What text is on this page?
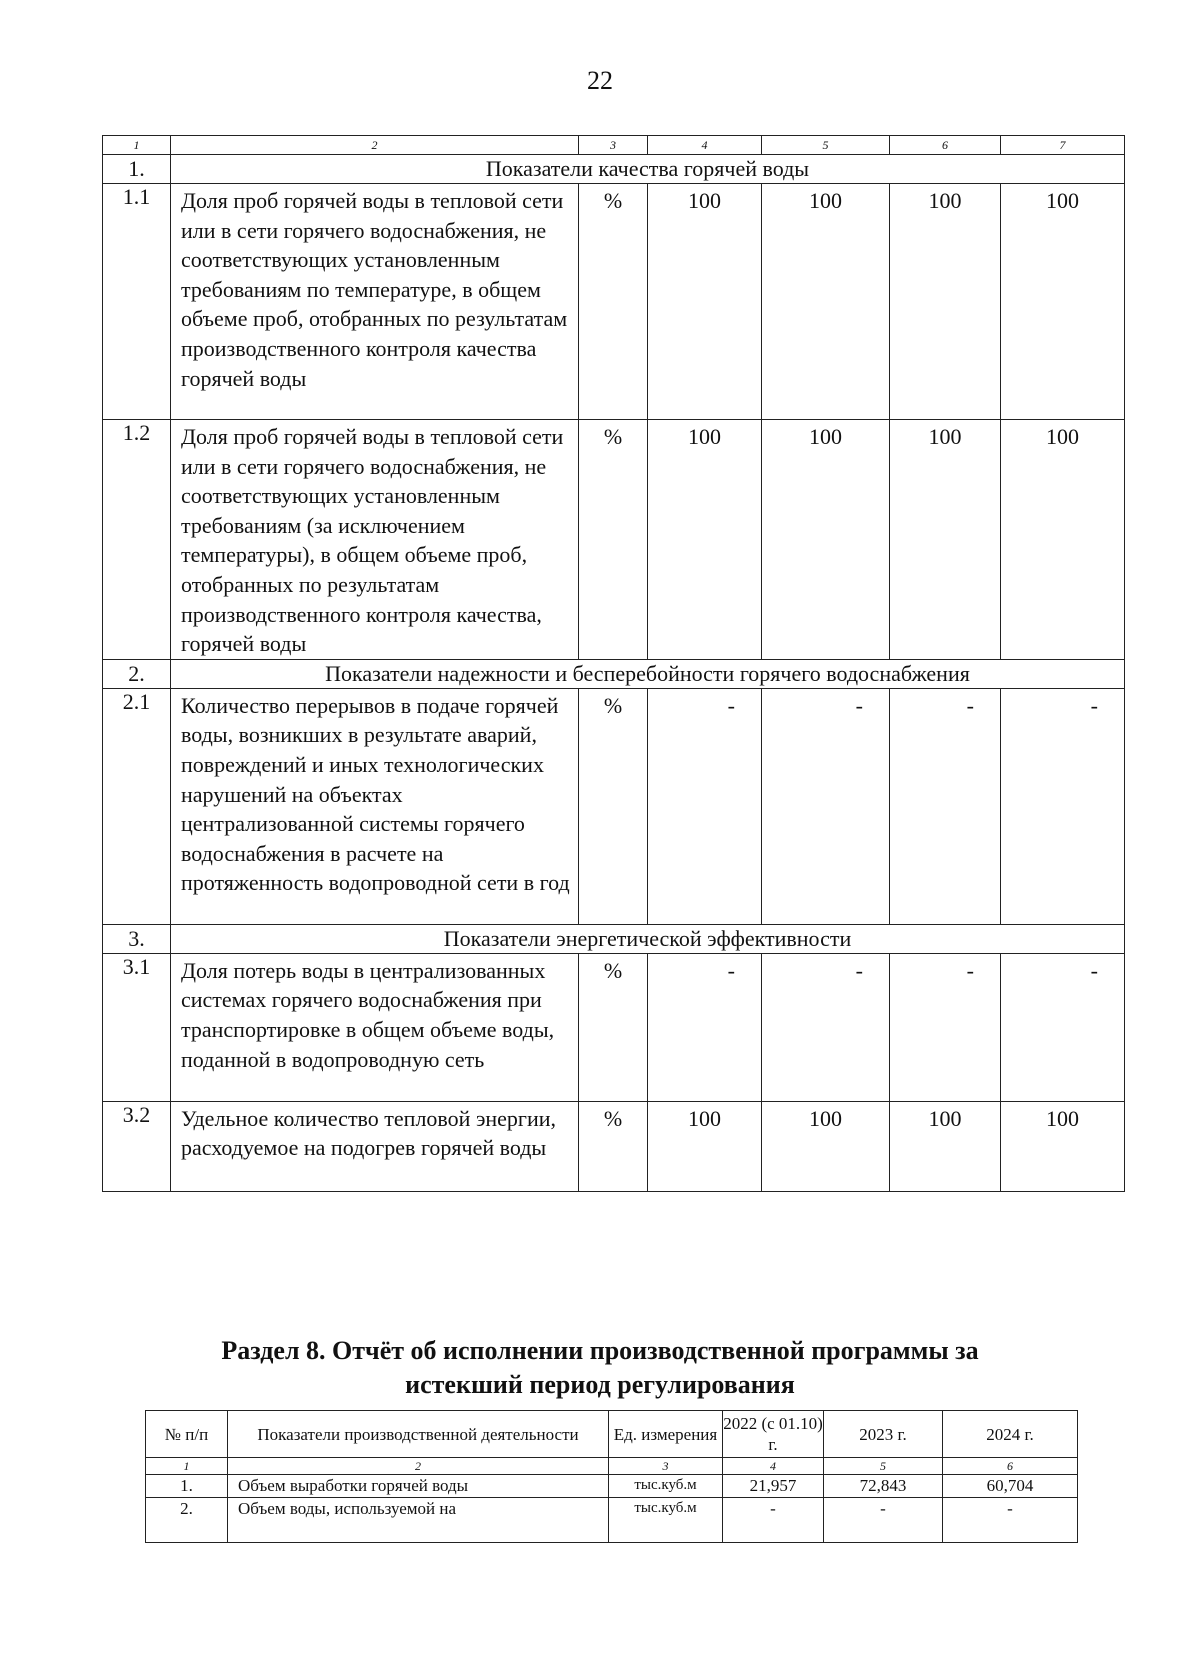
22
1	2	3	4	5	6	7
1.	Показатели качества горячей воды					
1.1	Доля проб горячей воды в тепловой сети или в сети горячего водоснабжения, не соответствующих установленным требованиям по температуре, в общем объеме проб, отобранных по результатам производственного контроля качества горячей воды	%	100	100	100	100
1.2	Доля проб горячей воды в тепловой сети или в сети горячего водоснабжения, не соответствующих установленным требованиям (за исключением температуры), в общем объеме проб, отобранных по результатам производственного контроля качества, горячей воды	%	100	100	100	100
2.	Показатели надежности и бесперебойности горячего водоснабжения					
2.1	Количество перерывов в подаче горячей воды, возникших в результате аварий, повреждений и иных технологических нарушений на объектах централизованной системы горячего водоснабжения в расчете на протяженность водопроводной сети в год	%	-	-	-	-
3.	Показатели энергетической эффективности					
3.1	Доля потерь воды в централизованных системах горячего водоснабжения при транспортировке в общем объеме воды, поданной в водопроводную сеть	%	-	-	-	-
3.2	Удельное количество тепловой энергии, расходуемое на подогрев горячей воды	%	100	100	100	100
Раздел 8. Отчёт об исполнении производственной программы за
истекший период регулирования
№ п/п	Показатели производственной деятельности	Ед. измерения	2022 (с 01.10) г.	2023 г.	2024 г.
1	2	3	4	5	6
1.	Объем выработки горячей воды	тыс.куб.м	21,957	72,843	60,704
2.	Объем воды, используемой на	тыс.куб.м	-	-	-
